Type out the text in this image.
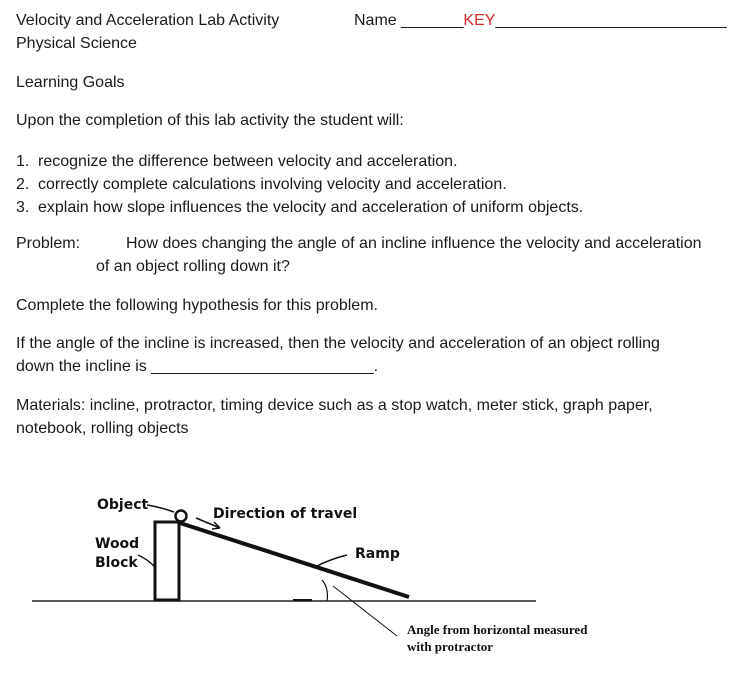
Velocity and Acceleration Lab Activity	Name _______KEY__________________________
Physical Science
Learning Goals
Upon the completion of this lab activity the student will:
1. recognize the difference between velocity and acceleration.
2. correctly complete calculations involving velocity and acceleration.
3. explain how slope influences the velocity and acceleration of uniform objects.
Problem:	How does changing the angle of an incline influence the velocity and acceleration
of an object rolling down it?
Complete the following hypothesis for this problem.
If the angle of the incline is increased, then the velocity and acceleration of an object rolling
down the incline is _________________________.
Materials: incline, protractor, timing device such as a stop watch, meter stick, graph paper,
notebook, rolling objects
Object
Direction of travel
Wood
Block
Ramp
Angle from horizontal measured
with protractor
